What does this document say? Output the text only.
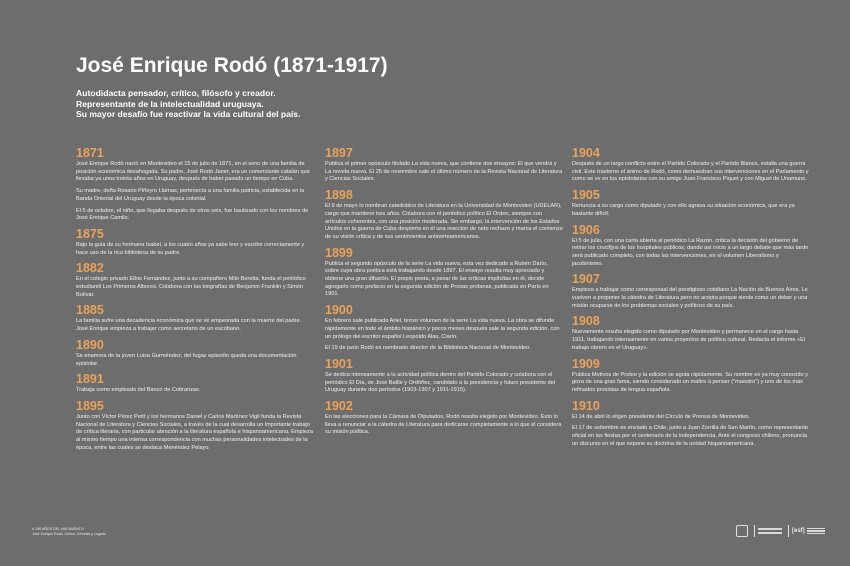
José Enrique Rodó (1871-1917)
Autodidacta pensador, crítico, filósofo y creador.
Representante de la intelectualidad uruguaya.
Su mayor desafío fue reactivar la vida cultural del país.
1871

José Enrique Rodó nació en Montevideo el 15 de julio de 1871, en el seno de una familia de posición económica desahogada. Su padre, José Rodó Janer, era un comerciante catalán que llevaba ya unos treinta años en Uruguay, después de haber pasado un tiempo en Cuba.

Su madre, doña Rosario Piñeyro Llamas, pertenecía a una familia patricia, establecida en la Banda Oriental del Uruguay desde la época colonial.

El 5 de octubre, el niño, que llegaba después de otros seis, fue bautizado con los nombres de José Enrique Camilo.

1875

Bajo la guía de su hermana Isabel, a los cuatro años ya sabe leer y escribir correctamente y hace uso de la rica biblioteca de su padre.

1882

En el colegio privado Elbio Fernández, junto a su compañero Milo Beretta, funda el periódico estudiantil Los Primeros Albores. Colabora con las biografías de Benjamin Franklin y Simón Bolívar.

1885

La familia sufre una decadencia económica que se ve empeorada con la muerte del padre. José Enrique empieza a trabajar como secretario de un escribano.

1890

Se enamora de la joven Luisa Gurméndez; del fugaz episodio queda una documentación epistolar.

1891

Trabaja como empleado del Banco de Cobranzas.

1895

Junto con Víctor Pérez Petit y los hermanos Daniel y Carlos Martínez Vigil funda la Revista Nacional de Literatura y Ciencias Sociales, a través de la cual desarrolla un importante trabajo de crítica literaria, con particular atención a la literatura española e hispanoamericana. Empieza al mismo tiempo una intensa correspondencia con muchas personalidades intelectuales de la época, entre las cuales se destaca Menéndez Pelayo.

1897

Publica el primer opúsculo titulado La vida nueva, que contiene dos ensayos: El que vendrá y La novela nueva. El 25 de noviembre sale el último número de la Revista Nacional de Literatura y Ciencias Sociales.

1898

El 9 de mayo lo nombran catedrático de Literatura en la Universidad de Montevideo (UDELAR), cargo que mantiene tres años. Colabora con el periódico político El Orden, siempre con artículos coherentes, con una posición moderada. Sin embargo, la intervención de los Estados Unidos en la guerra de Cuba despierta en él una reacción de neto rechazo y marca el comienzo de su visión crítica y de sus sentimientos antinorteamericanos.

1899

Publica el segundo opúsculo de la serie La vida nueva, esta vez dedicado a Rubén Darío, sobre cuya obra poética está trabajando desde 1897. El ensayo resulta muy apreciado y obtiene una gran difusión. El propio poeta, a pesar de las críticas implícitas en él, decide agregarlo como prefacio en la segunda edición de Prosas profanas, publicada en París en 1901.

1900

En febrero sale publicado Ariel, tercer volumen de la serie La vida nueva. La obra se difunde rápidamente en todo el ámbito hispánico y pocos meses después sale la segunda edición, con un prólogo del escritor español Leopoldo Alas, Clarín.

El 19 de junio Rodó es nombrado director de la Biblioteca Nacional de Montevideo.

1901

Se dedica intensamente a la actividad política dentro del Partido Colorado y colabora con el periódico El Día, de José Batlle y Ordóñez, candidato a la presidencia y futuro presidente del Uruguay durante dos períodos (1903-1907 y 1911-1915).

1902

En las elecciones para la Cámara de Diputados, Rodó resulta elegido por Montevideo. Esto lo lleva a renunciar a la cátedra de Literatura para dedicarse completamente a lo que él considera su misión política.

1904

Después de un largo conflicto entre el Partido Colorado y el Partido Blanco, estalla una guerra civil. Este trastorno el ánimo de Rodó, como demuestran sus intervenciones en el Parlamento y como se ve en los epistolarios con su amigo Juan Francisco Piquet y con Miguel de Unamuno.

1905

Renuncia a su cargo como diputado y con ello agrava su situación económica, que era ya bastante difícil.

1906

El 5 de julio, con una carta abierta al periódico La Razón, critica la decisión del gobierno de retirar los crucifijos de los hospitales públicos, dando así inicio a un largo debate que más tarde será publicado completo, con todas las intervenciones, en el volumen Liberalismo y jacobinismo.

1907

Empieza a trabajar como corresponsal del prestigioso cotidiano La Nación de Buenos Aires. Le vuelven a proponer la cátedra de Literatura pero no acepta porque siente como un deber y una misión ocuparse de los problemas sociales y políticos de su país.

1908

Nuevamente resulta elegido como diputado por Montevideo y permanece en el cargo hasta 1911, trabajando intensamente en varios proyectos de política cultural. Redacta el informe «El trabajo obrero en el Uruguay».

1909

Publica Motivos de Proteo y la edición se agota rápidamente. Su nombre es ya muy conocido y goza de una gran fama, siendo considerado un maître à penser ("maestro") y uno de los más refinados prosistas de lengua española.

1910

El 14 de abril lo eligen presidente del Círculo de Prensa de Montevideo.

El 17 de setiembre es enviado a Chile, junto a Juan Zorrilla de San Martín, como representante oficial en las fiestas por el centenario de la independencia. Ante el congreso chileno, pronuncia un discurso en el que expone su doctrina de la unidad hispanoamericana.

A 150 AÑOS DEL NACIMIENTO
José Enrique Rodó. Crítico, Génesis y Legado	[esf]
